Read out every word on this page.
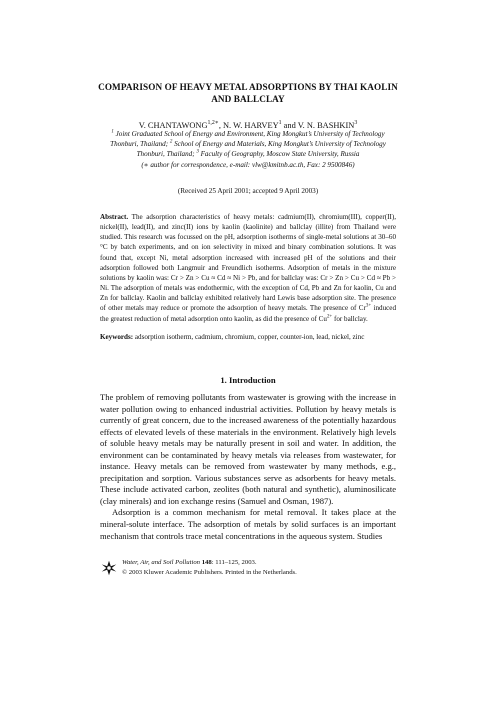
COMPARISON OF HEAVY METAL ADSORPTIONS BY THAI KAOLIN
AND BALLCLAY
V. $CHANTAWONG^{1,2∗}$, N. W. HARVEY$^1$ and V. N. BASHKIN$^3$
$^1$ Joint Graduated School of Energy and Environment, King Mongkut’s University of Technology
Thonburi, Thailand; $^2$ School of Energy and Materials, King Mongkut’s University of Technology
Thonburi, Thailand; $^3$ Faculty of Geography, Moscow State University, Russia
(∗ author for correspondence, e-mail: vlw@kmitnb.ac.th, Fax: 2 9500846)
(Received 25 April 2001; accepted 9 April 2003)
Abstract. The adsorption characteristics of heavy metals: cadmium(II), chromium(III), copper(II), nickel(II), lead(II), and zinc(II) ions by kaolin (kaolinite) and ballclay (illite) from Thailand were studied. This research was focussed on the pH, adsorption isotherms of single-metal solutions at 30–60 °C by batch experiments, and on ion selectivity in mixed and binary combination solutions. It was found that, except Ni, metal adsorption increased with increased pH of the solutions and their adsorption followed both Langmuir and Freundlich isotherms. Adsorption of metals in the mixture solutions by kaolin was: Cr > Zn > Cu ≈ Cd ≈ Ni > Pb, and for ballclay was: Cr > Zn > Cu > Cd ≈ Pb > Ni. The adsorption of metals was endothermic, with the exception of Cd, Pb and Zn for kaolin, Cu and Zn for ballclay. Kaolin and ballclay exhibited relatively hard Lewis base adsorption site. The presence of other metals may reduce or promote the adsorption of heavy metals. The presence of $Cr^{3+}$ induced the greatest reduction of metal adsorption onto kaolin, as did the presence of $Cu^{2+}$ for ballclay.
Keywords: adsorption isotherm, cadmium, chromium, copper, counter-ion, lead, nickel, zinc
1. Introduction

The problem of removing pollutants from wastewater is growing with the increase in water pollution owing to enhanced industrial activities. Pollution by heavy metals is currently of great concern, due to the increased awareness of the potentially hazardous effects of elevated levels of these materials in the environment. Relatively high levels of soluble heavy metals may be naturally present in soil and water. In addition, the environment can be contaminated by heavy metals via releases from wastewater, for instance. Heavy metals can be removed from wastewater by many methods, e.g., precipitation and sorption. Various substances serve as adsorbents for heavy metals. These include activated carbon, zeolites (both natural and synthetic), aluminosilicate (clay minerals) and ion exchange resins (Samuel and Osman, 1987).

Adsorption is a common mechanism for metal removal. It takes place at the mineral-solute interface. The adsorption of metals by solid surfaces is an important mechanism that controls trace metal concentrations in the aqueous system. Studies

Water, Air, and Soil Pollution 148: 111–125, 2003.
© 2003 Kluwer Academic Publishers. Printed in the Netherlands.
